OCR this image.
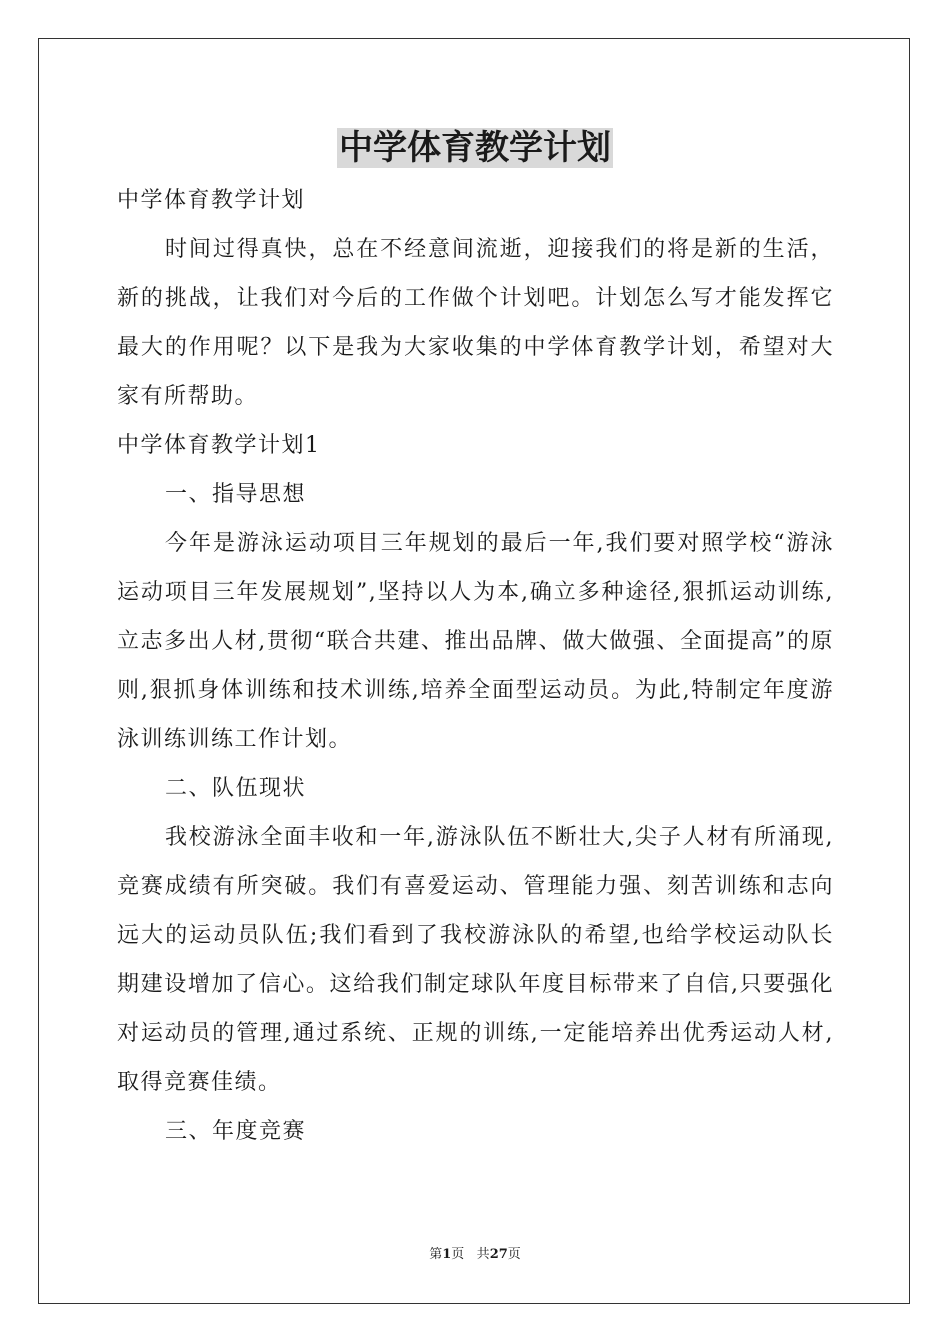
中学体育教学计划

中学体育教学计划

时间过得真快，总在不经意间流逝，迎接我们的将是新的生活，新的挑战，让我们对今后的工作做个计划吧。计划怎么写才能发挥它最大的作用呢？以下是我为大家收集的中学体育教学计划，希望对大家有所帮助。

中学体育教学计划1

一、指导思想

今年是游泳运动项目三年规划的最后一年,我们要对照学校“游泳运动项目三年发展规划”,坚持以人为本,确立多种途径,狠抓运动训练,立志多出人材,贯彻“联合共建、推出品牌、做大做强、全面提高”的原则,狠抓身体训练和技术训练,培养全面型运动员。为此,特制定年度游泳训练训练工作计划。

二、队伍现状

我校游泳全面丰收和一年,游泳队伍不断壮大,尖子人材有所涌现,竞赛成绩有所突破。我们有喜爱运动、管理能力强、刻苦训练和志向远大的运动员队伍;我们看到了我校游泳队的希望,也给学校运动队长期建设增加了信心。这给我们制定球队年度目标带来了自信,只要强化对运动员的管理,通过系统、正规的训练,一定能培养出优秀运动人材,取得竞赛佳绩。

三、年度竞赛

第1页 共27页
